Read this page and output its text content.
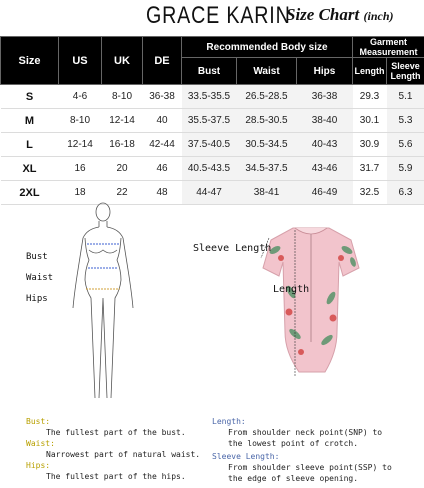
GRACE KARIN
Size Chart (inch)
Size	US	UK	DE	Recommended Body size			Garment Measurement	
				Bust	Waist	Hips	Length	Sleeve Length
S	4-6	8-10	36-38	33.5-35.5	26.5-28.5	36-38	29.3	5.1
M	8-10	12-14	40	35.5-37.5	28.5-30.5	38-40	30.1	5.3
L	12-14	16-18	42-44	37.5-40.5	30.5-34.5	40-43	30.9	5.6
XL	16	20	46	40.5-43.5	34.5-37.5	43-46	31.7	5.9
2XL	18	22	48	44-47	38-41	46-49	32.5	6.3
Bust
Waist
Hips
Sleeve Length
Length
Bust:
The fullest part of the bust.
Waist:
Narrowest part of natural waist.
Hips:
The fullest part of the hips.
Length:
From shoulder neck point(SNP) to
the lowest point of crotch.
Sleeve Length:
From shoulder sleeve point(SSP) to
the edge of sleeve opening.
